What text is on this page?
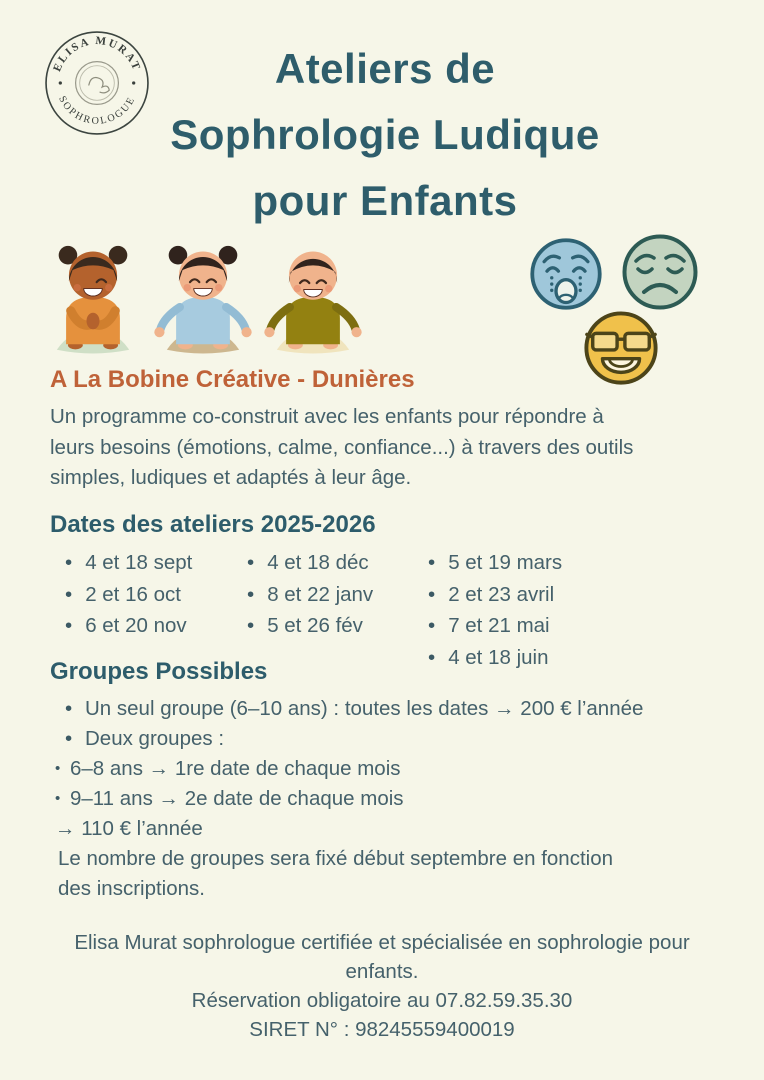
ELISA MURAT
SOPHROLOGUE
Ateliers de
Sophrologie Ludique
pour Enfants
A La Bobine Créative - Dunières
Un programme co-construit avec les enfants pour répondre à
leurs besoins (émotions, calme, confiance...) à travers des outils
simples, ludiques et adaptés à leur âge.
Dates des ateliers 2025-2026
• 4 et 18 sept
• 2 et 16 oct
• 6 et 20 nov
• 4 et 18 déc
• 8 et 22 janv
• 5 et 26 fév
• 5 et 19 mars
• 2 et 23 avril
• 7 et 21 mai
• 4 et 18 juin
Groupes Possibles
• Un seul groupe (6–10 ans) : toutes les dates → 200 € l’année
• Deux groupes :
• 6–8 ans → 1re date de chaque mois
• 9–11 ans → 2e date de chaque mois
→ 110 € l’année
Le nombre de groupes sera fixé début septembre en fonction
des inscriptions.
Elisa Murat sophrologue certifiée et spécialisée en sophrologie pour
enfants.
Réservation obligatoire au 07.82.59.35.30
SIRET N° : 98245559400019
